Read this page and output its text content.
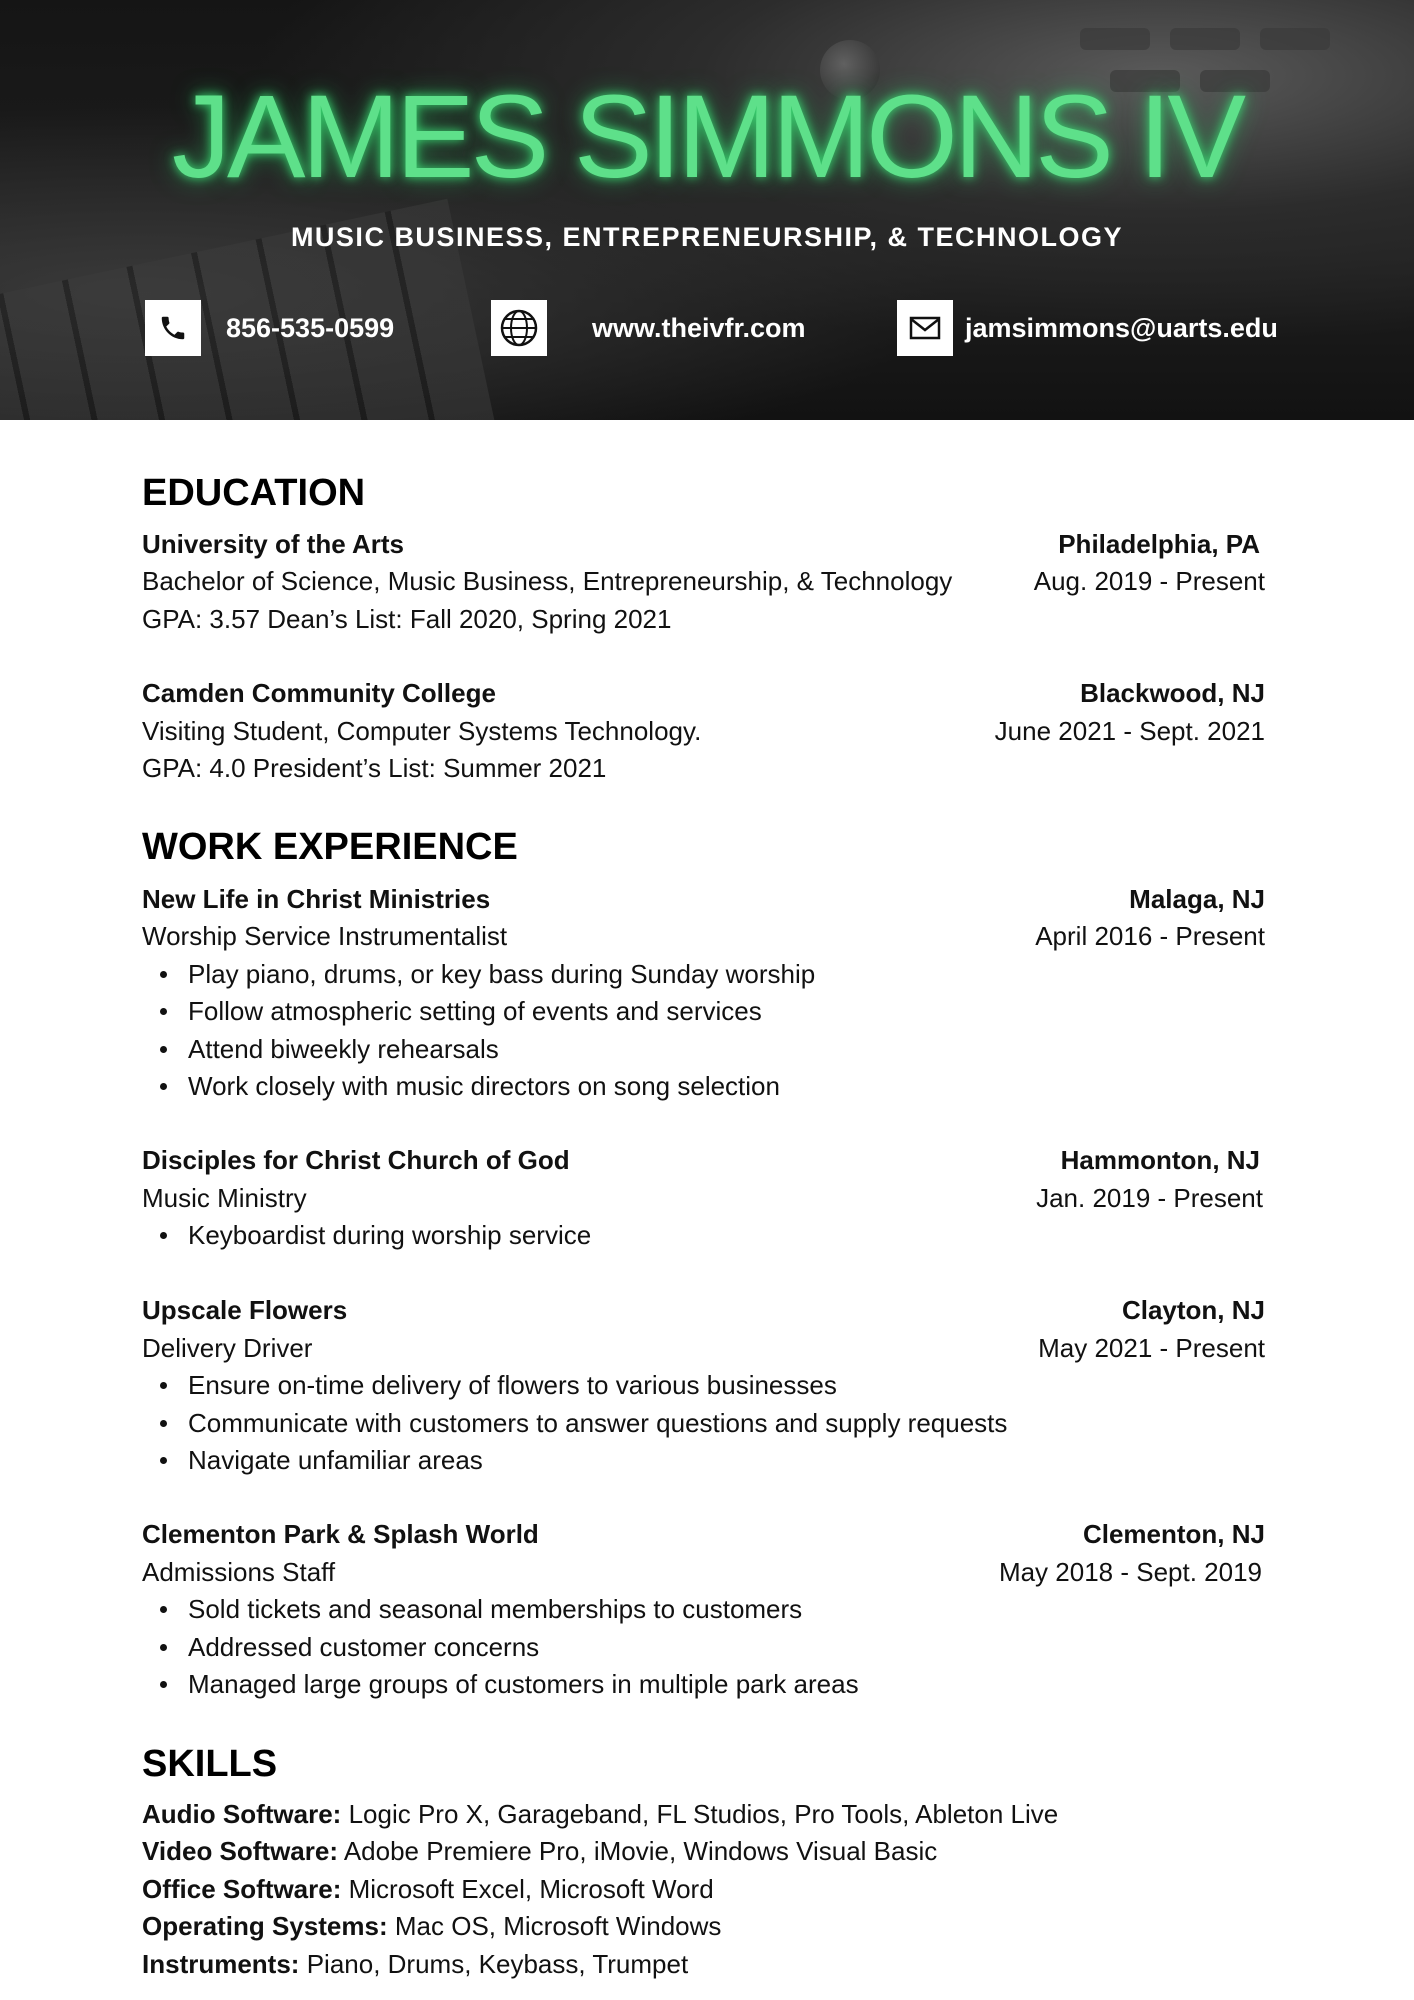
JAMES SIMMONS IV
MUSIC BUSINESS, ENTREPRENEURSHIP, & TECHNOLOGY
856-535-0599	www.theivfr.com	jamsimmons@uarts.edu
EDUCATION
University of the Arts	Philadelphia, PA
Bachelor of Science, Music Business, Entrepreneurship, & Technology	Aug. 2019 - Present
GPA: 3.57 Dean’s List: Fall 2020, Spring 2021
Camden Community College	Blackwood, NJ
Visiting Student, Computer Systems Technology.	June 2021 - Sept. 2021
GPA: 4.0 President’s List: Summer 2021
WORK EXPERIENCE
New Life in Christ Ministries	Malaga, NJ
Worship Service Instrumentalist	April 2016 - Present
Play piano, drums, or key bass during Sunday worship
Follow atmospheric setting of events and services
Attend biweekly rehearsals
Work closely with music directors on song selection
Disciples for Christ Church of God	Hammonton, NJ
Music Ministry	Jan. 2019 - Present
Keyboardist during worship service
Upscale Flowers	Clayton, NJ
Delivery Driver	May 2021 - Present
Ensure on-time delivery of flowers to various businesses
Communicate with customers to answer questions and supply requests
Navigate unfamiliar areas
Clementon Park & Splash World	Clementon, NJ
Admissions Staff	May 2018 - Sept. 2019
Sold tickets and seasonal memberships to customers
Addressed customer concerns
Managed large groups of customers in multiple park areas
SKILLS
Audio Software: Logic Pro X, Garageband, FL Studios, Pro Tools, Ableton Live
Video Software: Adobe Premiere Pro, iMovie, Windows Visual Basic
Office Software: Microsoft Excel, Microsoft Word
Operating Systems: Mac OS, Microsoft Windows
Instruments: Piano, Drums, Keybass, Trumpet
